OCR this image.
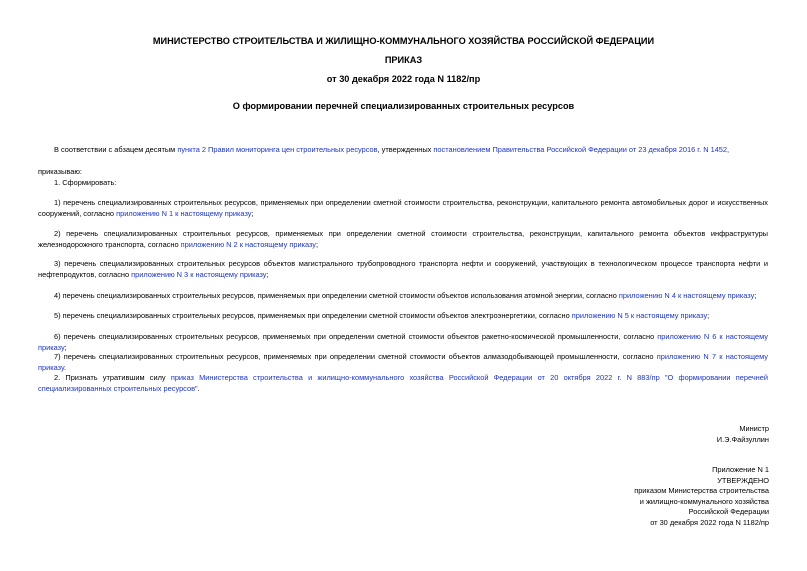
МИНИСТЕРСТВО СТРОИТЕЛЬСТВА И ЖИЛИЩНО-КОММУНАЛЬНОГО ХОЗЯЙСТВА РОССИЙСКОЙ ФЕДЕРАЦИИ
ПРИКАЗ
от 30 декабря 2022 года N 1182/пр
О формировании перечней специализированных строительных ресурсов
В соответствии с абзацем десятым пункта 2 Правил мониторинга цен строительных ресурсов, утвержденных постановлением Правительства Российской Федерации от 23 декабря 2016 г. N 1452,
приказываю:
1. Сформировать:
1) перечень специализированных строительных ресурсов, применяемых при определении сметной стоимости строительства, реконструкции, капитального ремонта автомобильных дорог и искусственных сооружений, согласно приложению N 1 к настоящему приказу;
2) перечень специализированных строительных ресурсов, применяемых при определении сметной стоимости строительства, реконструкции, капитального ремонта объектов инфраструктуры железнодорожного транспорта, согласно приложению N 2 к настоящему приказу;
3) перечень специализированных строительных ресурсов объектов магистрального трубопроводного транспорта нефти и сооружений, участвующих в технологическом процессе транспорта нефти и нефтепродуктов, согласно приложению N 3 к настоящему приказу;
4) перечень специализированных строительных ресурсов, применяемых при определении сметной стоимости объектов использования атомной энергии, согласно приложению N 4 к настоящему приказу;
5) перечень специализированных строительных ресурсов, применяемых при определении сметной стоимости объектов электроэнергетики, согласно приложению N 5 к настоящему приказу;
6) перечень специализированных строительных ресурсов, применяемых при определении сметной стоимости объектов ракетно-космической промышленности, согласно приложению N 6 к настоящему приказу;
7) перечень специализированных строительных ресурсов, применяемых при определении сметной стоимости объектов алмазодобывающей промышленности, согласно приложению N 7 к настоящему приказу.
2. Признать утратившим силу приказ Министерства строительства и жилищно-коммунального хозяйства Российской Федерации от 20 октября 2022 г. N 883/пр "О формировании перечней специализированных строительных ресурсов".
Министр
И.Э.Файзуллин
Приложение N 1
УТВЕРЖДЕНО
приказом Министерства строительства
и жилищно-коммунального хозяйства
Российской Федерации
от 30 декабря 2022 года N 1182/пр
